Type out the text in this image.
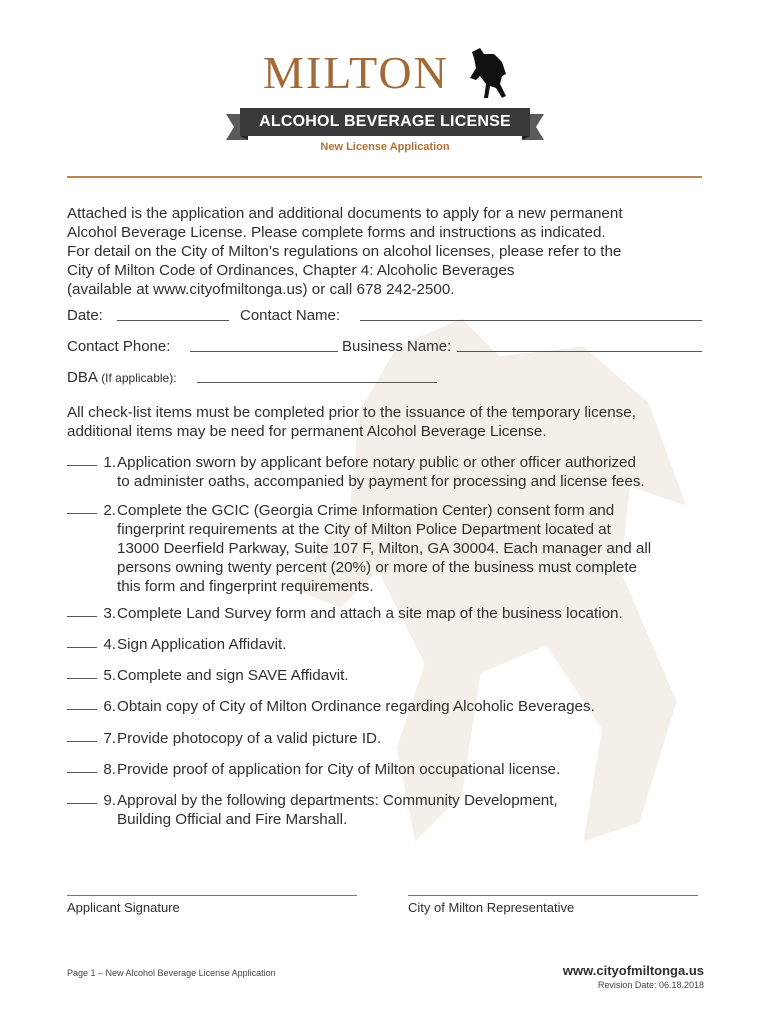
MILTON
ALCOHOL BEVERAGE LICENSE
New License Application
Attached is the application and additional documents to apply for a new permanent
Alcohol Beverage License. Please complete forms and instructions as indicated.
For detail on the City of Milton’s regulations on alcohol licenses, please refer to the
City of Milton Code of Ordinances, Chapter 4: Alcoholic Beverages
(available at www.cityofmiltonga.us) or call 678 242-2500.
Date:	Contact Name:
Contact Phone:	Business Name:
DBA (If applicable):
All check-list items must be completed prior to the issuance of the temporary license,
additional items may be need for permanent Alcohol Beverage License.
1. Application sworn by applicant before notary public or other officer authorized
to administer oaths, accompanied by payment for processing and license fees.
2. Complete the GCIC (Georgia Crime Information Center) consent form and
fingerprint requirements at the City of Milton Police Department located at
13000 Deerfield Parkway, Suite 107 F, Milton, GA 30004. Each manager and all
persons owning twenty percent (20%) or more of the business must complete
this form and fingerprint requirements.
3. Complete Land Survey form and attach a site map of the business location.
4. Sign Application Affidavit.
5. Complete and sign SAVE Affidavit.
6. Obtain copy of City of Milton Ordinance regarding Alcoholic Beverages.
7. Provide photocopy of a valid picture ID.
8. Provide proof of application for City of Milton occupational license.
9. Approval by the following departments: Community Development,
Building Official and Fire Marshall.
Applicant Signature	City of Milton Representative
Page 1 – New Alcohol Beverage License Application	www.cityofmiltonga.us
Revision Date: 06.18.2018
